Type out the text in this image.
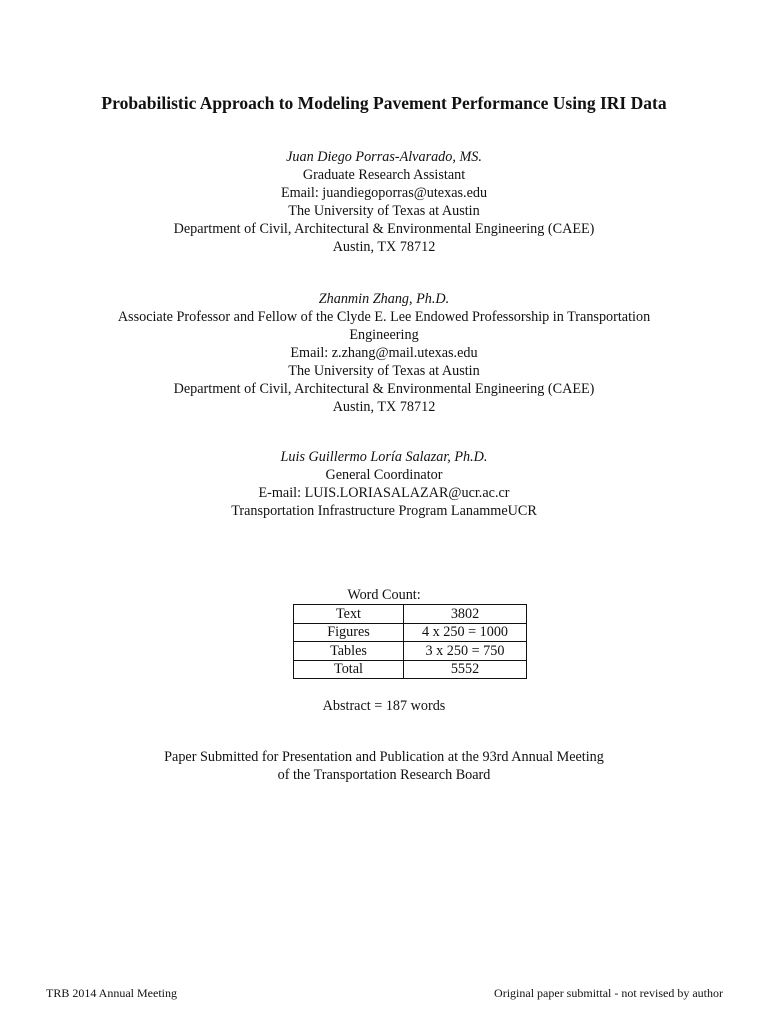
Probabilistic Approach to Modeling Pavement Performance Using IRI Data
Juan Diego Porras-Alvarado, MS.
Graduate Research Assistant
Email: juandiegoporras@utexas.edu
The University of Texas at Austin
Department of Civil, Architectural & Environmental Engineering (CAEE)
Austin, TX 78712
Zhanmin Zhang, Ph.D.
Associate Professor and Fellow of the Clyde E. Lee Endowed Professorship in Transportation
Engineering
Email: z.zhang@mail.utexas.edu
The University of Texas at Austin
Department of Civil, Architectural & Environmental Engineering (CAEE)
Austin, TX 78712
Luis Guillermo Loría Salazar, Ph.D.
General Coordinator
E-mail: LUIS.LORIASALAZAR@ucr.ac.cr
Transportation Infrastructure Program LanammeUCR
Word Count:
Text	3802
Figures	4 x 250 = 1000
Tables	3 x 250 = 750
Total	5552
Abstract = 187 words
Paper Submitted for Presentation and Publication at the 93rd Annual Meeting
of the Transportation Research Board
TRB 2014 Annual Meeting	Original paper submittal - not revised by author
